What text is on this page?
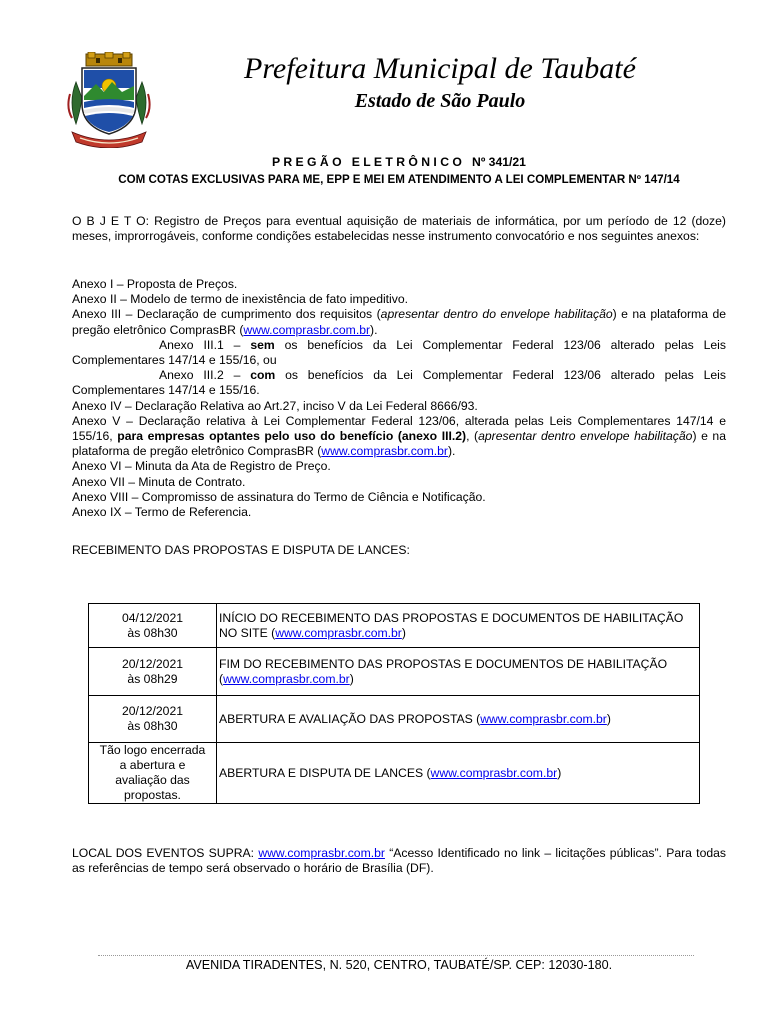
Prefeitura Municipal de Taubaté
Estado de São Paulo
P R E G Ã O   E L E T R Ô N I C O   Nº 341/21
COM COTAS EXCLUSIVAS PARA ME, EPP E MEI EM ATENDIMENTO A LEI COMPLEMENTAR Nº 147/14
O B J E T O: Registro de Preços para eventual aquisição de materiais de informática, por um período de 12 (doze) meses, improrrogáveis, conforme condições estabelecidas nesse instrumento convocatório e nos seguintes anexos:
Anexo I – Proposta de Preços.
Anexo II – Modelo de termo de inexistência de fato impeditivo.
Anexo III – Declaração de cumprimento dos requisitos (apresentar dentro do envelope habilitação) e na plataforma de pregão eletrônico ComprasBR (www.comprasbr.com.br).
Anexo III.1 – sem os benefícios da Lei Complementar Federal 123/06 alterado pelas Leis Complementares 147/14 e 155/16, ou
Anexo III.2 – com os benefícios da Lei Complementar Federal 123/06 alterado pelas Leis Complementares 147/14 e 155/16.
Anexo IV – Declaração Relativa ao Art.27, inciso V da Lei Federal 8666/93.
Anexo V – Declaração relativa à Lei Complementar Federal 123/06, alterada pelas Leis Complementares 147/14 e 155/16, para empresas optantes pelo uso do benefício (anexo III.2), (apresentar dentro envelope habilitação) e na plataforma de pregão eletrônico ComprasBR (www.comprasbr.com.br).
Anexo VI – Minuta da Ata de Registro de Preço.
Anexo VII – Minuta de Contrato.
Anexo VIII – Compromisso de assinatura do Termo de Ciência e Notificação.
Anexo IX – Termo de Referencia.
RECEBIMENTO DAS PROPOSTAS E DISPUTA DE LANCES:
04/12/2021
às 08h30	INÍCIO DO RECEBIMENTO DAS PROPOSTAS E DOCUMENTOS DE HABILITAÇÃO NO SITE (www.comprasbr.com.br)

20/12/2021
às 08h29	FIM DO RECEBIMENTO DAS PROPOSTAS E DOCUMENTOS DE HABILITAÇÃO (www.comprasbr.com.br)

20/12/2021
às 08h30	ABERTURA E AVALIAÇÃO DAS PROPOSTAS (www.comprasbr.com.br)
Tão logo encerrada a abertura e avaliação das propostas.	ABERTURA E DISPUTA DE LANCES (www.comprasbr.com.br)
LOCAL DOS EVENTOS SUPRA: www.comprasbr.com.br “Acesso Identificado no link – licitações públicas”. Para todas as referências de tempo será observado o horário de Brasília (DF).
AVENIDA TIRADENTES, N. 520, CENTRO, TAUBATÉ/SP. CEP: 12030-180.
